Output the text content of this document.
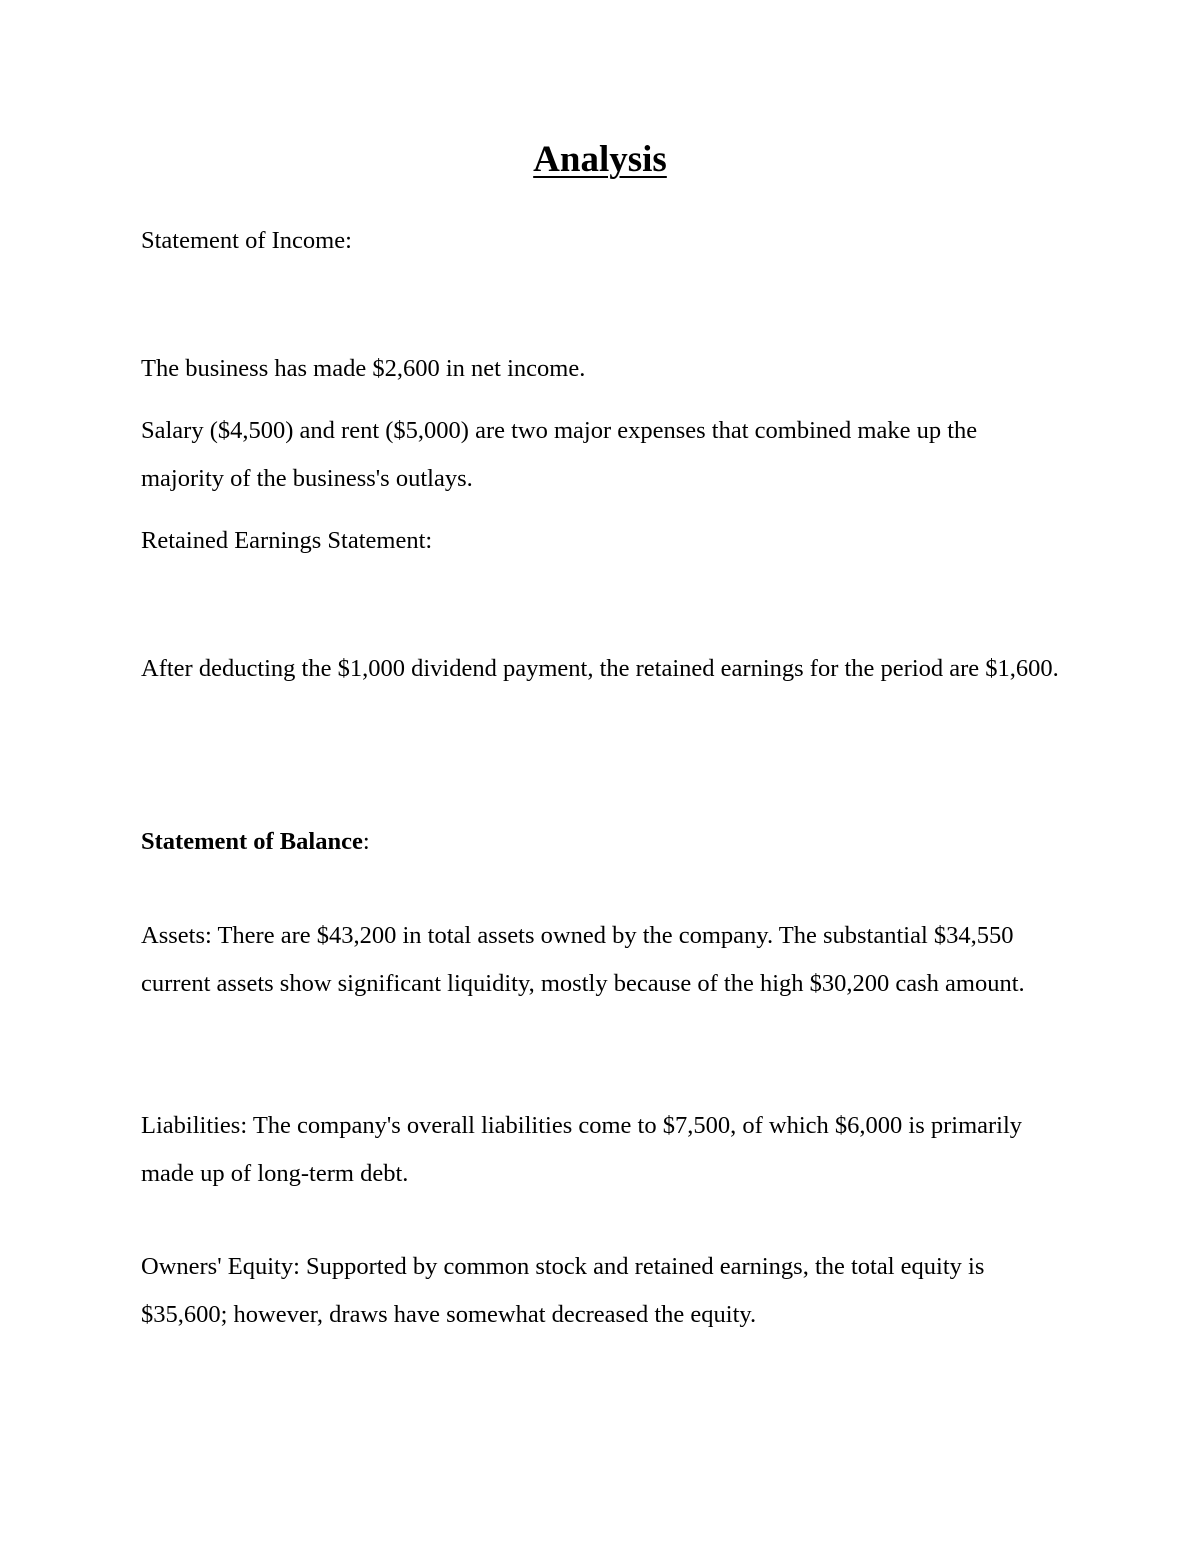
Analysis

Statement of Income:

The business has made $2,600 in net income.

Salary ($4,500) and rent ($5,000) are two major expenses that combined make up the majority of the business's outlays.

Retained Earnings Statement:

After deducting the $1,000 dividend payment, the retained earnings for the period are $1,600.

Statement of Balance:

Assets: There are $43,200 in total assets owned by the company. The substantial $34,550 current assets show significant liquidity, mostly because of the high $30,200 cash amount.

Liabilities: The company's overall liabilities come to $7,500, of which $6,000 is primarily made up of long-term debt.

Owners' Equity: Supported by common stock and retained earnings, the total equity is $35,600; however, draws have somewhat decreased the equity.
